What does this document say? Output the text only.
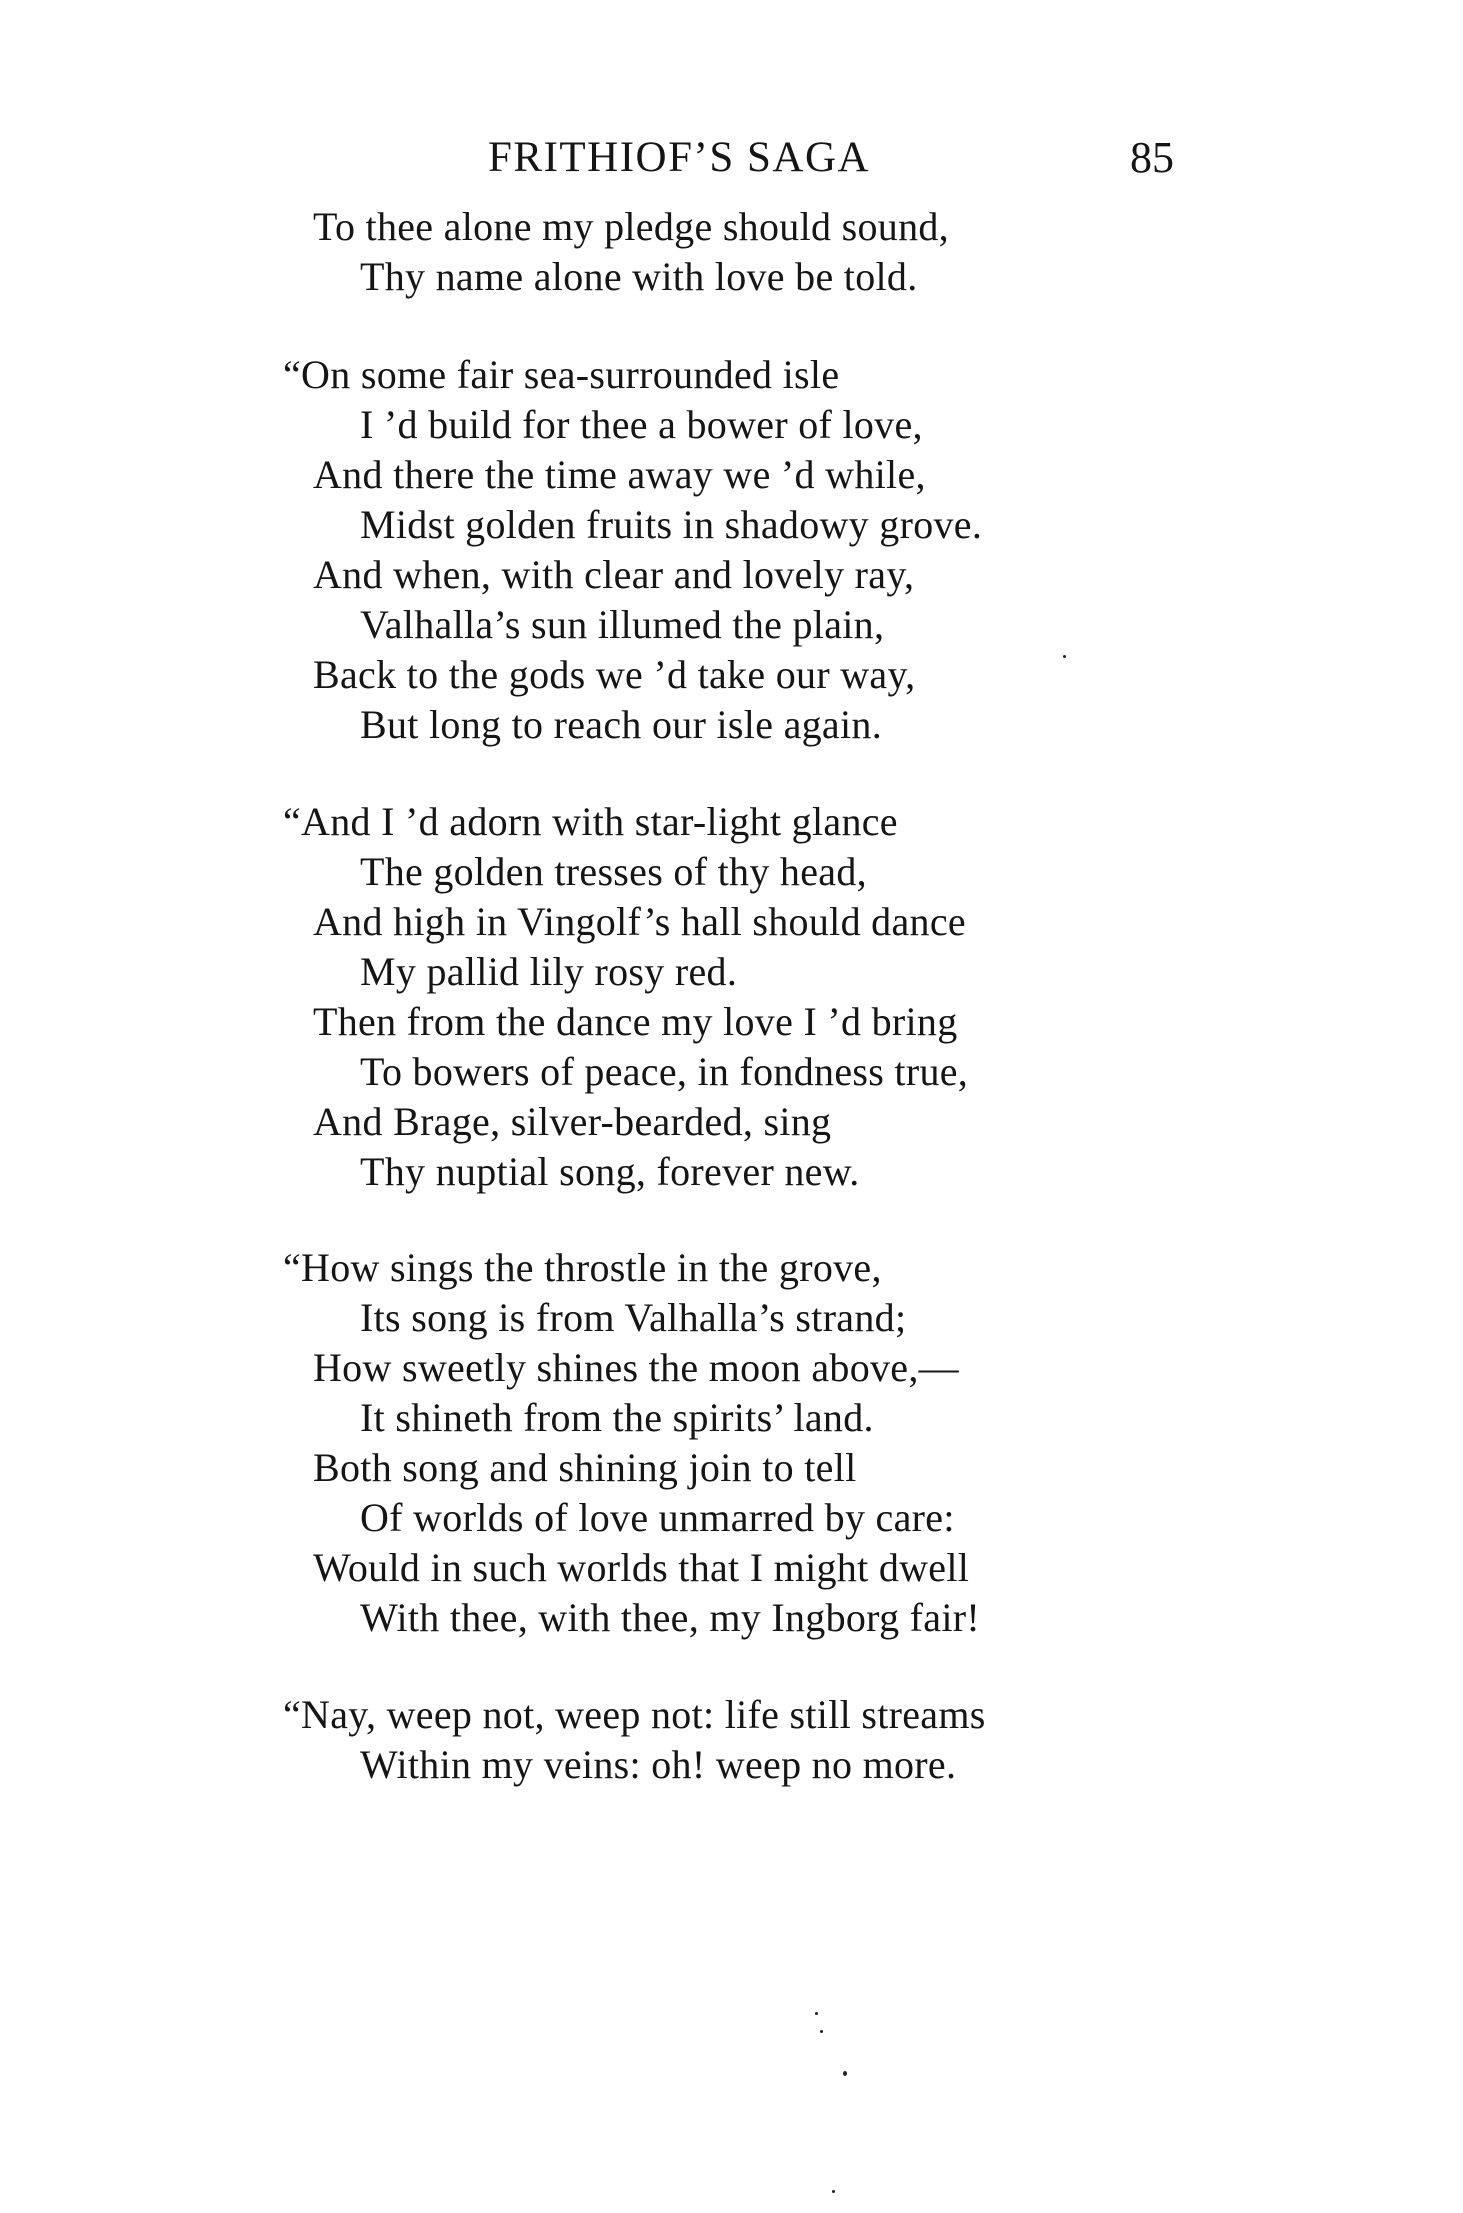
FRITHIOF’S SAGA	85
To thee alone my pledge should sound,
Thy name alone with love be told.
“On some fair sea-surrounded isle
I ’d build for thee a bower of love,
And there the time away we ’d while,
Midst golden fruits in shadowy grove.
And when, with clear and lovely ray,
Valhalla’s sun illumed the plain,
Back to the gods we ’d take our way,
But long to reach our isle again.
“And I ’d adorn with star-light glance
The golden tresses of thy head,
And high in Vingolf’s hall should dance
My pallid lily rosy red.
Then from the dance my love I ’d bring
To bowers of peace, in fondness true,
And Brage, silver-bearded, sing
Thy nuptial song, forever new.
“How sings the throstle in the grove,
Its song is from Valhalla’s strand;
How sweetly shines the moon above,—
It shineth from the spirits’ land.
Both song and shining join to tell
Of worlds of love unmarred by care:
Would in such worlds that I might dwell
With thee, with thee, my Ingborg fair!
“Nay, weep not, weep not: life still streams
Within my veins: oh! weep no more.
